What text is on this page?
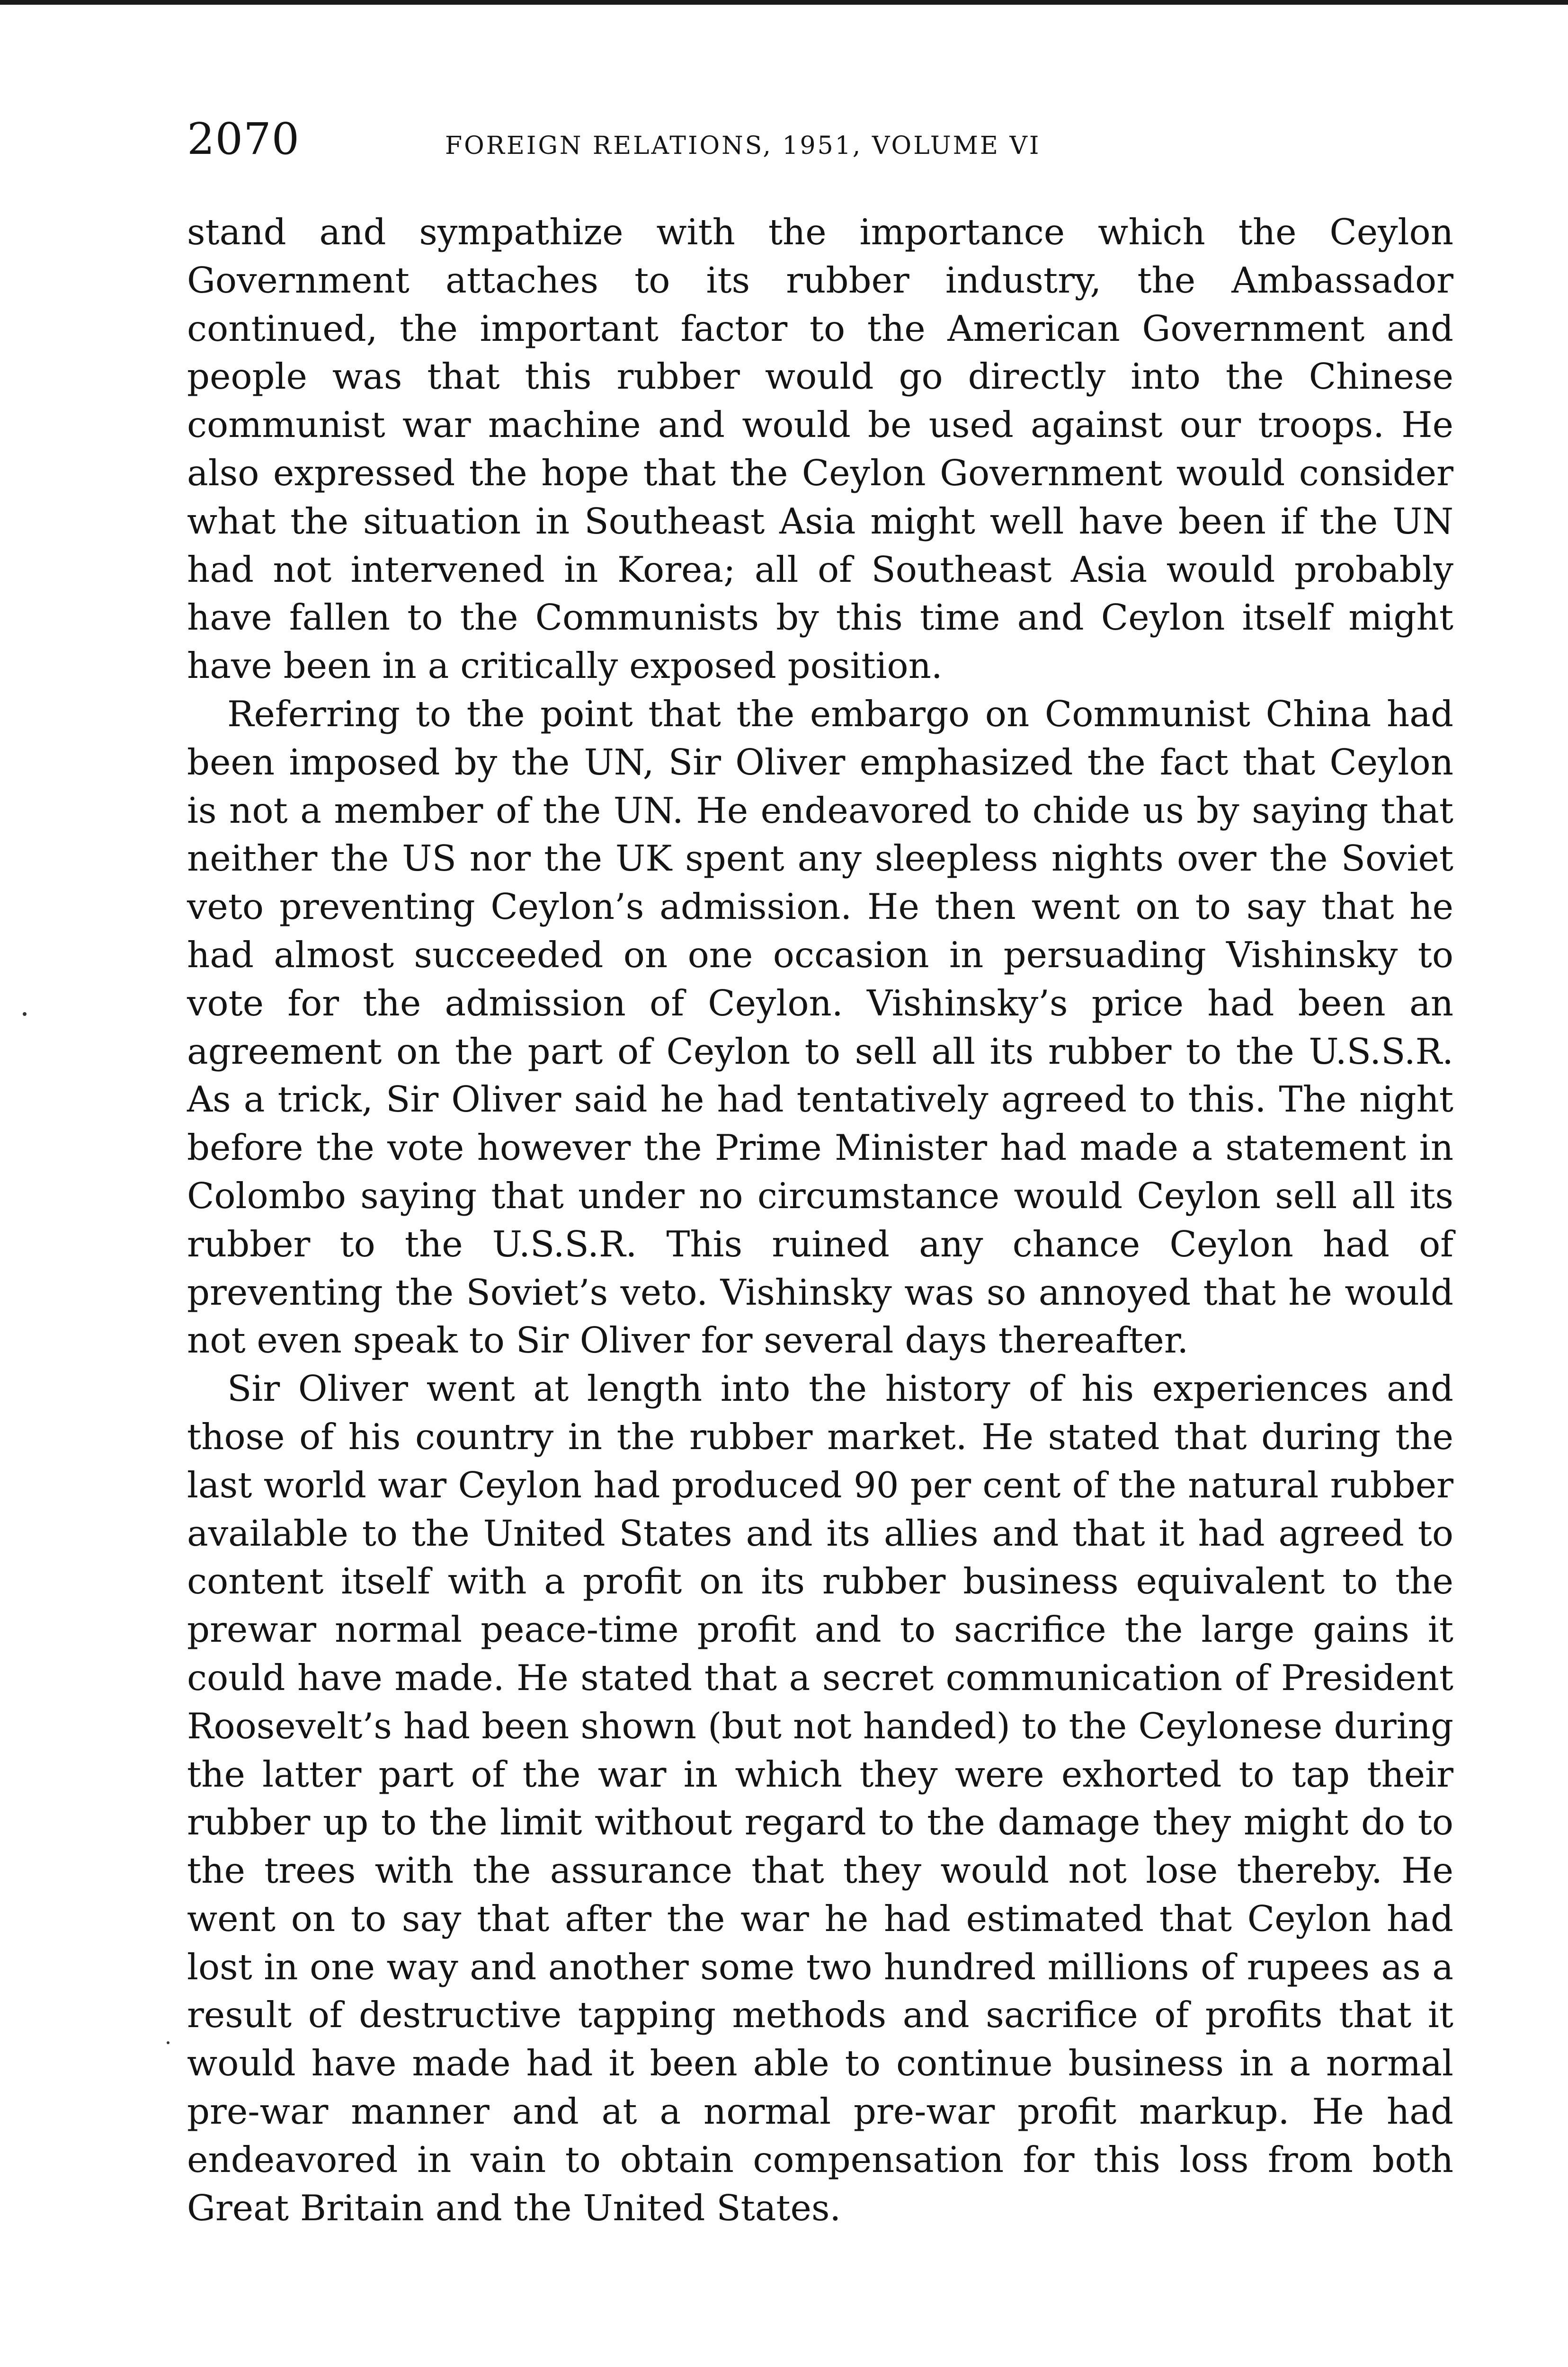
2070	FOREIGN RELATIONS, 1951, VOLUME VI

stand and sympathize with the importance which the Ceylon Government attaches to its rubber industry, the Ambassador continued, the important factor to the American Government and people was that this rubber would go directly into the Chinese communist war machine and would be used against our troops. He also expressed the hope that the Ceylon Government would consider what the situation in Southeast Asia might well have been if the UN had not intervened in Korea; all of Southeast Asia would probably have fallen to the Communists by this time and Ceylon itself might have been in a critically exposed position.

Referring to the point that the embargo on Communist China had been imposed by the UN, Sir Oliver emphasized the fact that Ceylon is not a member of the UN. He endeavored to chide us by saying that neither the US nor the UK spent any sleepless nights over the Soviet veto preventing Ceylon’s admission. He then went on to say that he had almost succeeded on one occasion in persuading Vishinsky to vote for the admission of Ceylon. Vishinsky’s price had been an agreement on the part of Ceylon to sell all its rubber to the U.S.S.R. As a trick, Sir Oliver said he had tentatively agreed to this. The night before the vote however the Prime Minister had made a statement in Colombo saying that under no circumstance would Ceylon sell all its rubber to the U.S.S.R. This ruined any chance Ceylon had of preventing the Soviet’s veto. Vishinsky was so annoyed that he would not even speak to Sir Oliver for several days thereafter.

Sir Oliver went at length into the history of his experiences and those of his country in the rubber market. He stated that during the last world war Ceylon had produced 90 per cent of the natural rubber available to the United States and its allies and that it had agreed to content itself with a profit on its rubber business equivalent to the prewar normal peace-time profit and to sacrifice the large gains it could have made. He stated that a secret communication of President Roosevelt’s had been shown (but not handed) to the Ceylonese during the latter part of the war in which they were exhorted to tap their rubber up to the limit without regard to the damage they might do to the trees with the assurance that they would not lose thereby. He went on to say that after the war he had estimated that Ceylon had lost in one way and another some two hundred millions of rupees as a result of destructive tapping methods and sacrifice of profits that it would have made had it been able to continue business in a normal pre-war manner and at a normal pre-war profit markup. He had endeavored in vain to obtain compensation for this loss from both Great Britain and the United States.
